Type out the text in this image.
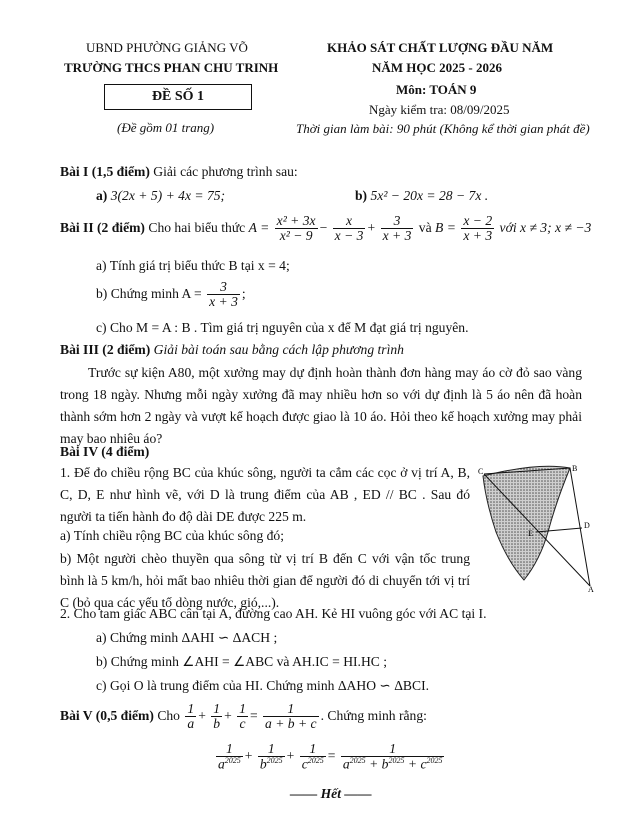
UBND PHƯỜNG GIẢNG VÕ
TRƯỜNG THCS PHAN CHU TRINH
ĐỀ SỐ 1
(Đề gồm 01 trang)
KHẢO SÁT CHẤT LƯỢNG ĐẦU NĂM
NĂM HỌC 2025 - 2026
Môn: TOÁN 9
Ngày kiểm tra: 08/09/2025
Thời gian làm bài: 90 phút (Không kể thời gian phát đề)
Bài I (1,5 điểm) Giải các phương trình sau:
a) 3(2x + 5) + 4x = 75;	b) 5x² − 20x = 28 − 7x .
Bài II (2 điểm) Cho hai biểu thức $A = \frac{\text{x² + 3x}}{\text{x² − 9}} - \frac{x}{x - 3} + \frac{3}{x + 3}$ và $B = \frac{x - 2}{x + 3}$ với x ≠ 3; x ≠ −3
a) Tính giá trị biểu thức B tại x = 4;
b) Chứng minh $A = \frac{3}{x + 3}$ ;
c) Cho M = A : B . Tìm giá trị nguyên của x để M đạt giá trị nguyên.
Bài III (2 điểm) Giải bài toán sau bằng cách lập phương trình
Trước sự kiện A80, một xưởng may dự định hoàn thành đơn hàng may áo cờ đỏ sao vàng trong 18 ngày. Nhưng mỗi ngày xưởng đã may nhiều hơn so với dự định là 5 áo nên đã hoàn thành sớm hơn 2 ngày và vượt kế hoạch được giao là 10 áo. Hỏi theo kế hoạch xưởng may phải may bao nhiêu áo?
Bài IV (4 điểm)
1. Để đo chiều rộng BC của khúc sông, người ta cắm các cọc ở vị trí A, B, C, D, E như hình vẽ, với D là trung điểm của AB , ED // BC . Sau đó người ta tiến hành đo độ dài DE được 225 m.
a) Tính chiều rộng BC của khúc sông đó;
b) Một người chèo thuyền qua sông từ vị trí B đến C với vận tốc trung bình là 5 km/h, hỏi mất bao nhiêu thời gian để người đó di chuyển tới vị trí C (bỏ qua các yếu tố dòng nước, gió,...).
C	B
D
E
A
2. Cho tam giác ABC cân tại A, đường cao AH. Kẻ HI vuông góc với AC tại I.
a) Chứng minh ΔAHI ∽ ΔACH ;
b) Chứng minh ∠AHI = ∠ABC và AH.IC = HI.HC ;
c) Gọi O là trung điểm của HI. Chứng minh ΔAHO ∽ ΔBCI.
Bài V (0,5 điểm) Cho $\frac{1}{a} + \frac{1}{b} + \frac{1}{c} = \frac{1}{a + b + c}$ . Chứng minh rằng:
$\frac{1}{a^{2025}} + \frac{1}{b^{2025}} + \frac{1}{c^{2025}} = \frac{1}{a^{2025} + b^{2025} + c^{2025}}$
—— Hết ——
